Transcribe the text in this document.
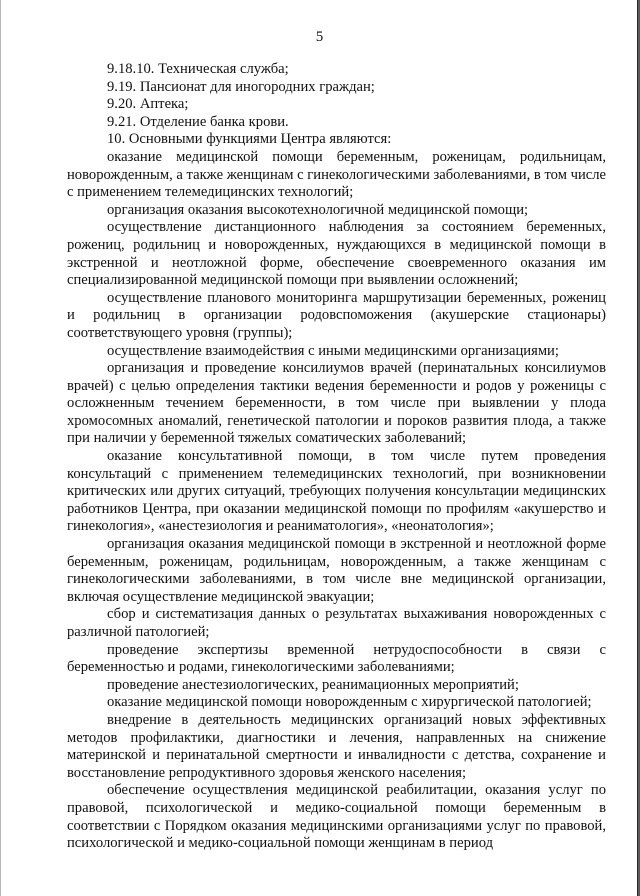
5

9.18.10. Техническая служба;

9.19. Пансионат для иногородних граждан;

9.20. Аптека;

9.21. Отделение банка крови.

10. Основными функциями Центра являются:

оказание медицинской помощи беременным, роженицам, родильницам, новорожденным, а также женщинам с гинекологическими заболеваниями, в том числе с применением телемедицинских технологий;

организация оказания высокотехнологичной медицинской помощи;

осуществление дистанционного наблюдения за состоянием беременных, рожениц, родильниц и новорожденных, нуждающихся в медицинской помощи в экстренной и неотложной форме, обеспечение своевременного оказания им специализированной медицинской помощи при выявлении осложнений;

осуществление планового мониторинга маршрутизации беременных, рожениц и родильниц в организации родовспоможения (акушерские стационары) соответствующего уровня (группы);

осуществление взаимодействия с иными медицинскими организациями;

организация и проведение консилиумов врачей (перинатальных консилиумов врачей) с целью определения тактики ведения беременности и родов у роженицы с осложненным течением беременности, в том числе при выявлении у плода хромосомных аномалий, генетической патологии и пороков развития плода, а также при наличии у беременной тяжелых соматических заболеваний;

оказание консультативной помощи, в том числе путем проведения консультаций с применением телемедицинских технологий, при возникновении критических или других ситуаций, требующих получения консультации медицинских работников Центра, при оказании медицинской помощи по профилям «акушерство и гинекология», «анестезиология и реаниматология», «неонатология»;

организация оказания медицинской помощи в экстренной и неотложной форме беременным, роженицам, родильницам, новорожденным, а также женщинам с гинекологическими заболеваниями, в том числе вне медицинской организации, включая осуществление медицинской эвакуации;

сбор и систематизация данных о результатах выхаживания новорожденных с различной патологией;

проведение экспертизы временной нетрудоспособности в связи с беременностью и родами, гинекологическими заболеваниями;

проведение анестезиологических, реанимационных мероприятий;

оказание медицинской помощи новорожденным с хирургической патологией;

внедрение в деятельность медицинских организаций новых эффективных методов профилактики, диагностики и лечения, направленных на снижение материнской и перинатальной смертности и инвалидности с детства, сохранение и восстановление репродуктивного здоровья женского населения;

обеспечение осуществления медицинской реабилитации, оказания услуг по правовой, психологической и медико-социальной помощи беременным в соответствии с Порядком оказания медицинскими организациями услуг по правовой, психологической и медико-социальной помощи женщинам в период
